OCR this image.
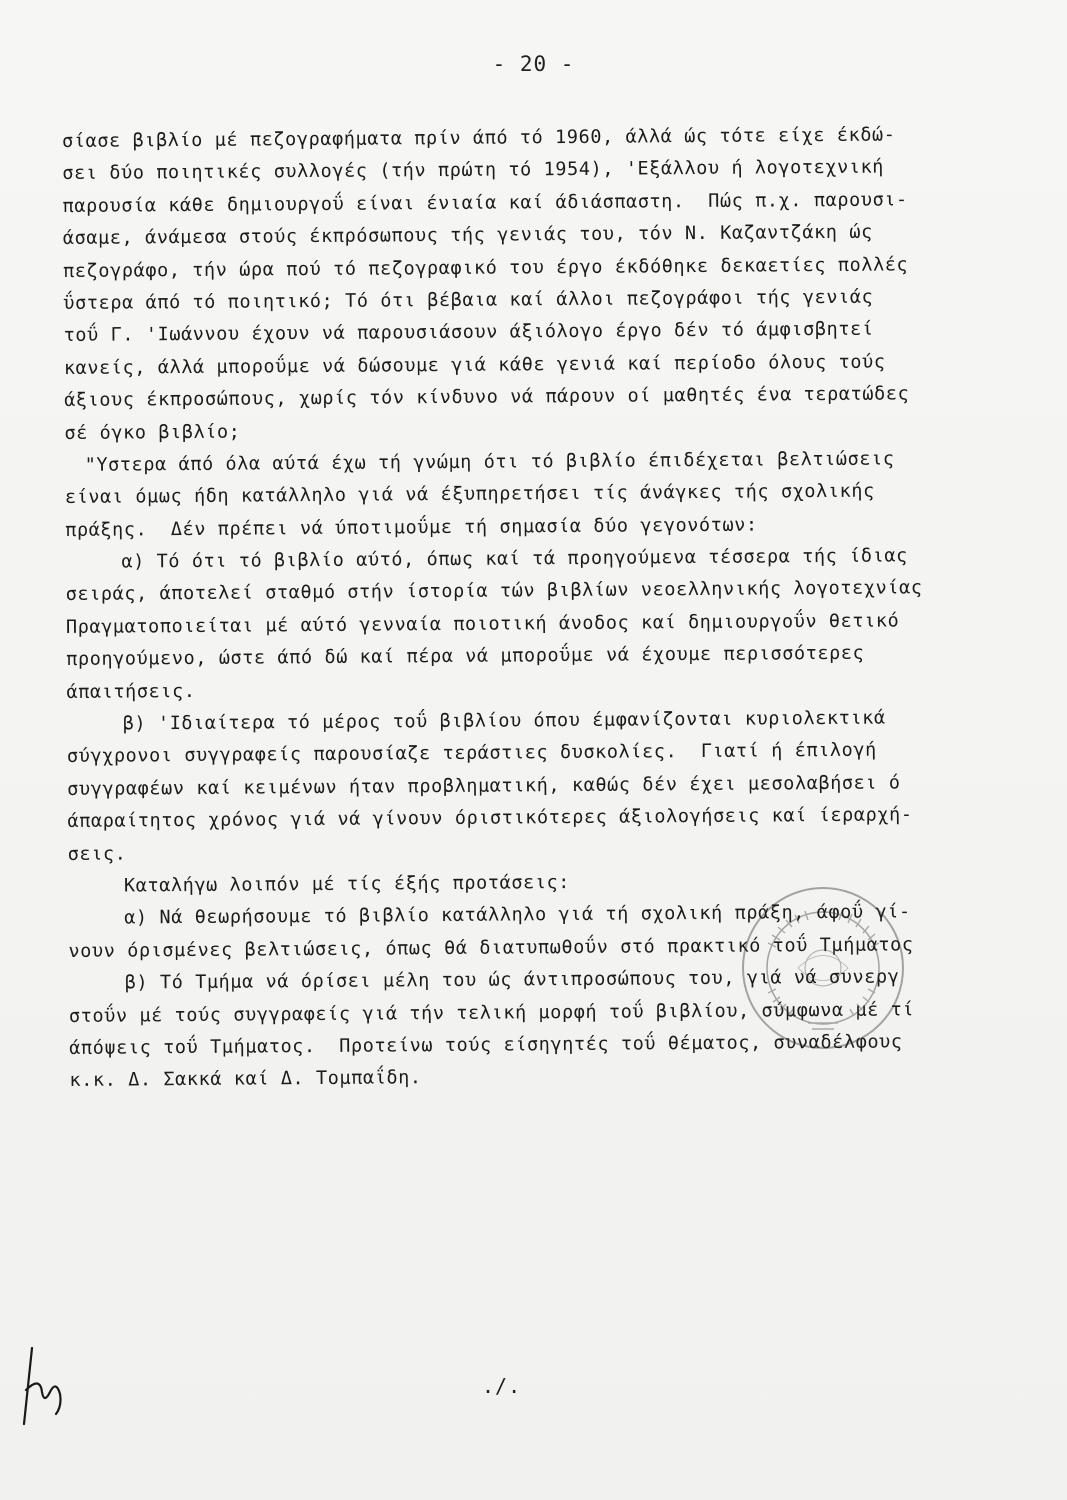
- 20 -
σίασε βιβλίο μέ πεζογραφήματα πρίν άπό τό 1960, άλλά ώς τότε είχε έκδώ-
σει δύο ποιητικές συλλογές (τήν πρώτη τό 1954), 'Εξάλλου ή λογοτεχνική
παρουσία κάθε δημιουργοΰ είναι ένιαία καί άδιάσπαστη.  Πώς π.χ. παρουσι-
άσαμε, άνάμεσα στούς έκπρόσωπους τής γενιάς του, τόν Ν. Καζαντζάκη ώς
πεζογράφο, τήν ώρα πού τό πεζογραφικό του έργο έκδόθηκε δεκαετίες πολλές
ΰστερα άπό τό ποιητικό; Τό ότι βέβαια καί άλλοι πεζογράφοι τής γενιάς
τοΰ Γ. 'Ιωάννου έχουν νά παρουσιάσουν άξιόλογο έργο δέν τό άμφισβητεί
κανείς, άλλά μποροΰμε νά δώσουμε γιά κάθε γενιά καί περίοδο όλους τούς
άξιους έκπροσώπους, χωρίς τόν κίνδυνο νά πάρουν οί μαθητές ένα τερατώδες
σέ όγκο βιβλίο;
"Υστερα άπό όλα αύτά έχω τή γνώμη ότι τό βιβλίο έπιδέχεται βελτιώσεις
είναι όμως ήδη κατάλληλο γιά νά έξυπηρετήσει τίς άνάγκες τής σχολικής
πράξης.  Δέν πρέπει νά ύποτιμοΰμε τή σημασία δύο γεγονότων:
α) Τό ότι τό βιβλίο αύτό, όπως καί τά προηγούμενα τέσσερα τής ίδιας
σειράς, άποτελεί σταθμό στήν ίστορία τών βιβλίων νεοελληνικής λογοτεχνίας
Πραγματοποιείται μέ αύτό γενναία ποιοτική άνοδος καί δημιουργοΰν θετικό
προηγούμενο, ώστε άπό δώ καί πέρα νά μποροΰμε νά έχουμε περισσότερες
άπαιτήσεις.
β) 'Ιδιαίτερα τό μέρος τοΰ βιβλίου όπου έμφανίζονται κυριολεκτικά
σύγχρονοι συγγραφείς παρουσίαζε τεράστιες δυσκολίες.  Γιατί ή έπιλογή
συγγραφέων καί κειμένων ήταν προβληματική, καθώς δέν έχει μεσολαβήσει ό
άπαραίτητος χρόνος γιά νά γίνουν όριστικότερες άξιολογήσεις καί ίεραρχή-
σεις.
Καταλήγω λοιπόν μέ τίς έξής προτάσεις:
α) Νά θεωρήσουμε τό βιβλίο κατάλληλο γιά τή σχολική πράξη, άφοΰ γί-
νουν όρισμένες βελτιώσεις, όπως θά διατυπωθοΰν στό πρακτικό τοΰ Τμήματος
β) Τό Τμήμα νά όρίσει μέλη του ώς άντιπροσώπους του, γιά νά συνεργ
στοΰν μέ τούς συγγραφείς γιά τήν τελική μορφή τοΰ βιβλίου, σύμφωνα μέ τί
άπόψεις τοΰ Τμήματος.  Προτείνω τούς είσηγητές τοΰ θέματος, συναδέλφους
κ.κ. Δ. Σακκά καί Δ. Τομπαΐδη.
./.
